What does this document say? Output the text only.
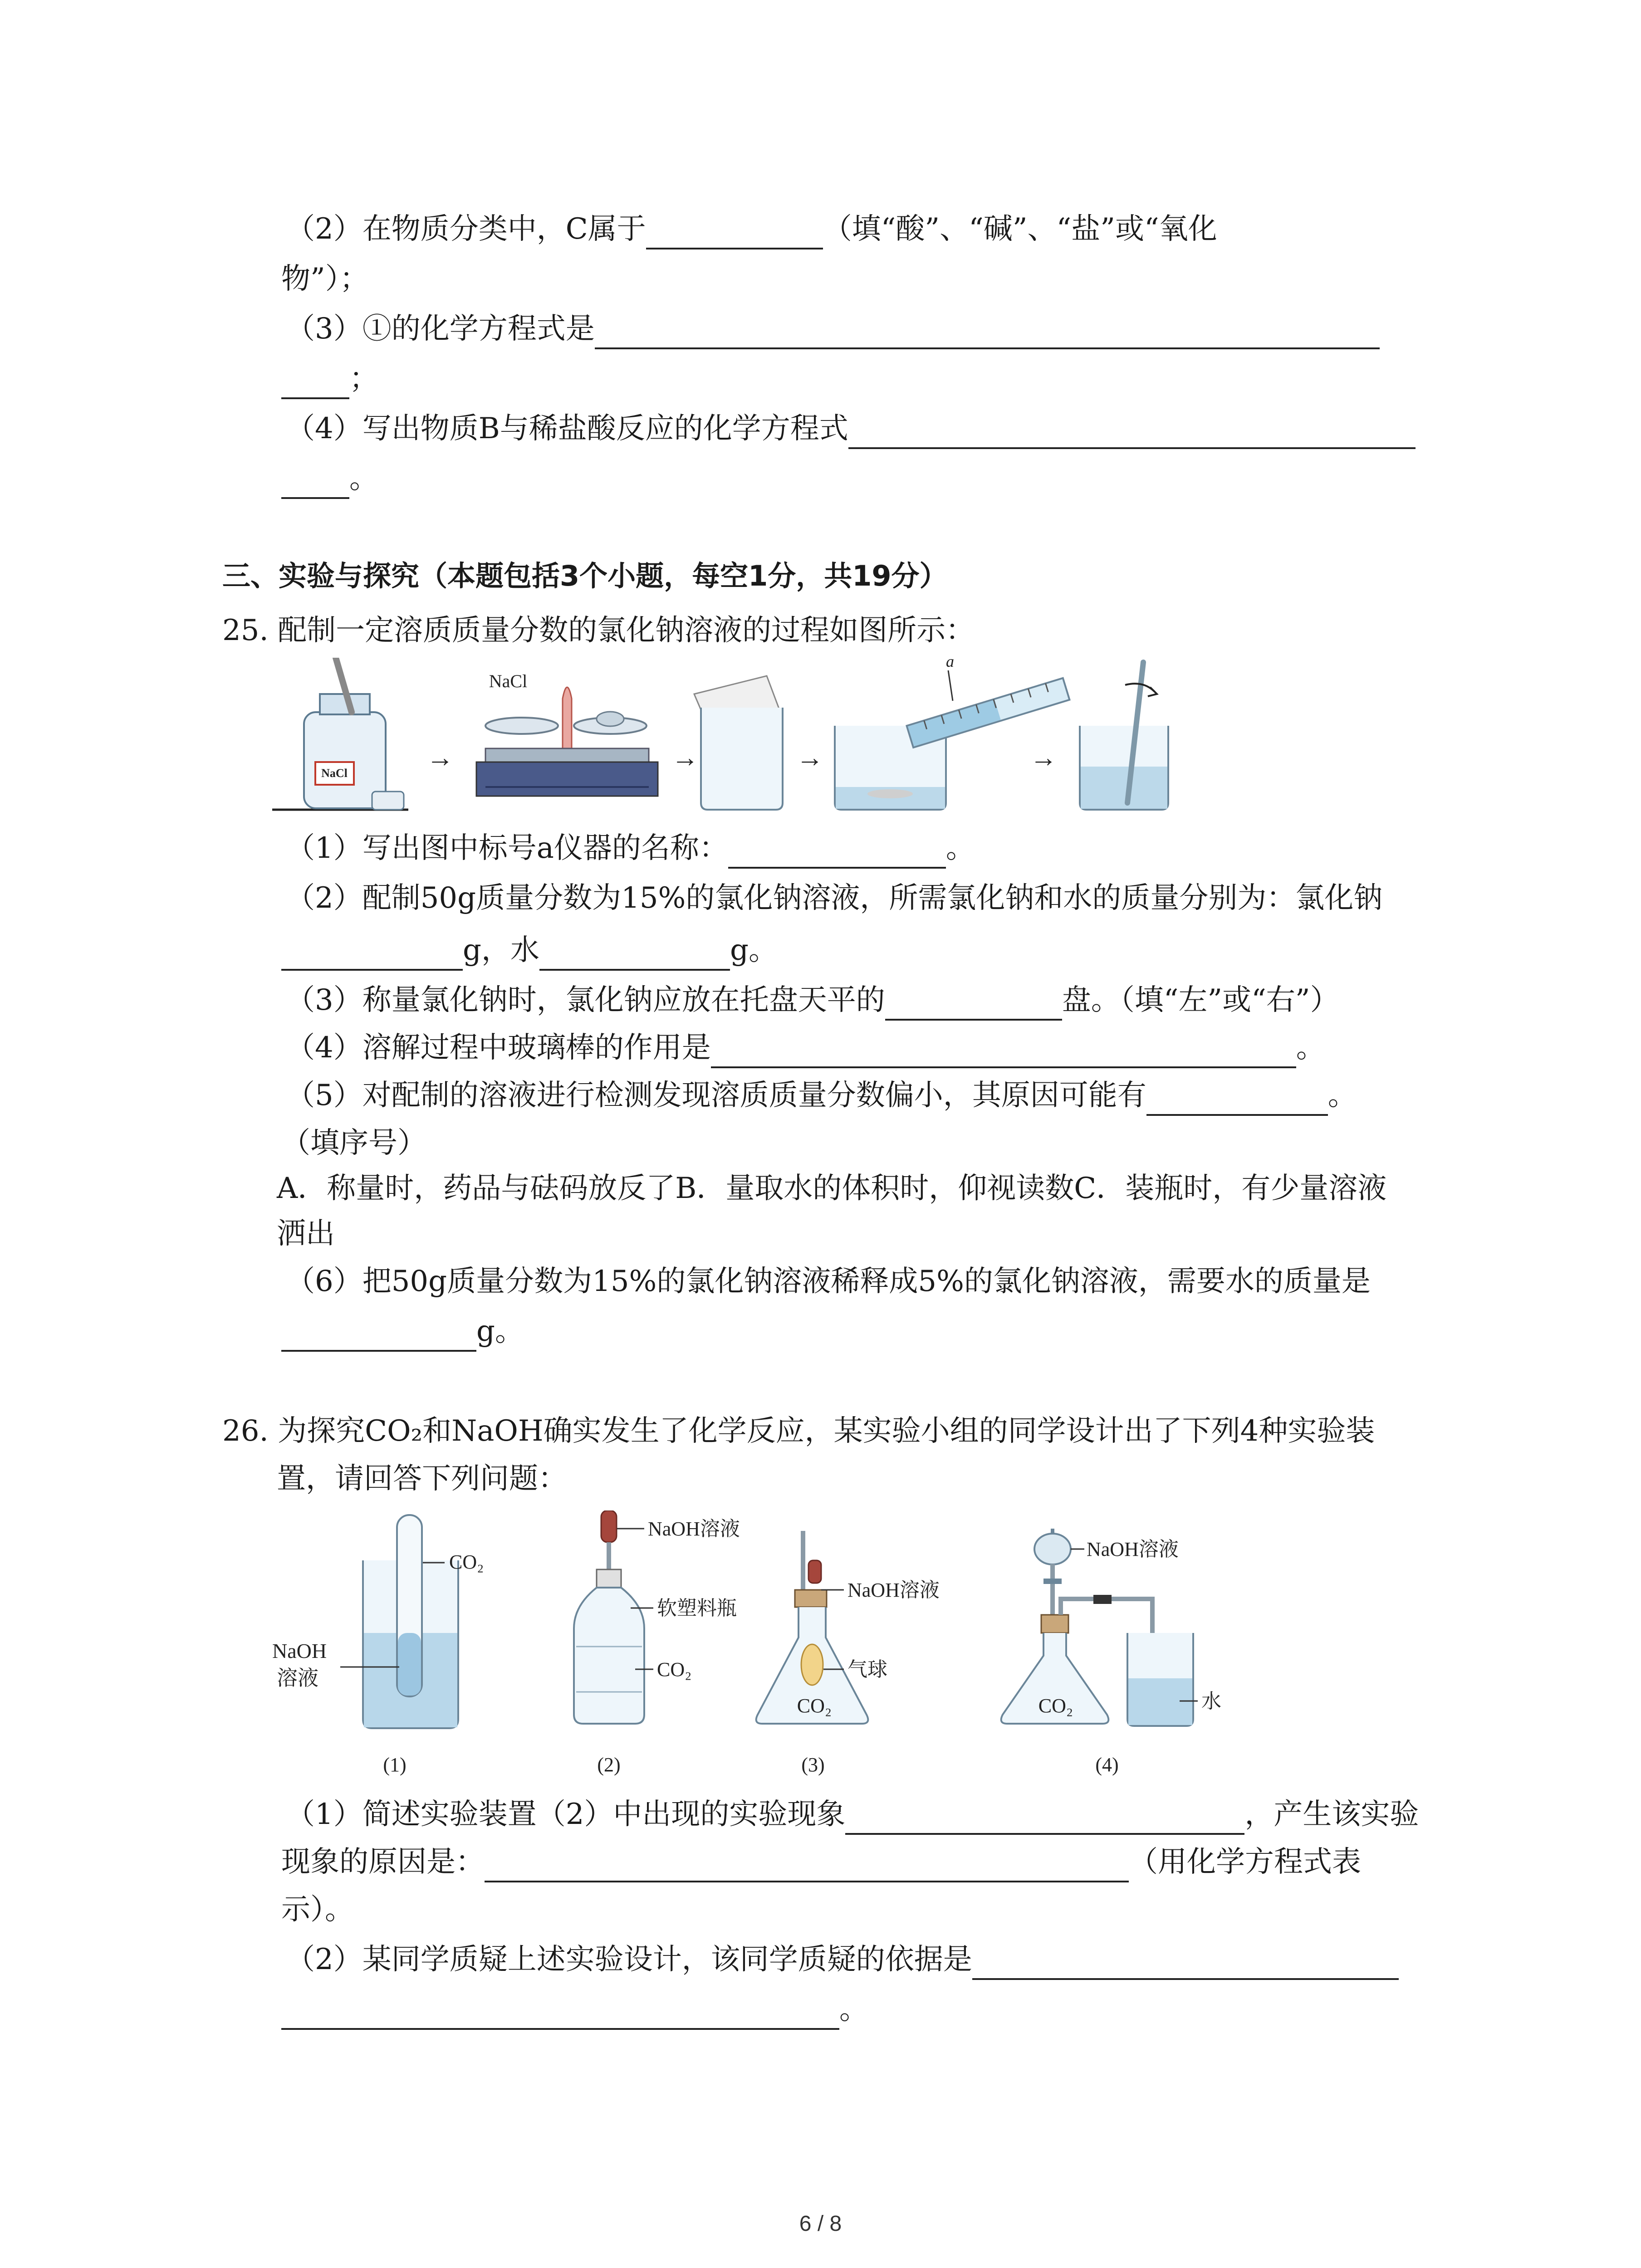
（2）在物质分类中，C属于	（填“酸”、“碱”、“盐”或“氧化
物”）；
（3）①的化学方程式是
；
（4）写出物质B与稀盐酸反应的化学方程式
。
三、实验与探究（本题包括3个小题，每空1分，共19分）
25. 配制一定溶质质量分数的氯化钠溶液的过程如图所示：
NaCl
→
NaCl
→	→
a
→
（1）写出图中标号a仪器的名称：	。
（2）配制50g质量分数为15%的氯化钠溶液，所需氯化钠和水的质量分别为：氯化钠
g，水	g。
（3）称量氯化钠时，氯化钠应放在托盘天平的	盘。（填“左”或“右”）
（4）溶解过程中玻璃棒的作用是	。
（5）对配制的溶液进行检测发现溶质质量分数偏小，其原因可能有	。
（填序号）
A．称量时，药品与砝码放反了B．量取水的体积时，仰视读数C．装瓶时，有少量溶液
洒出
（6）把50g质量分数为15%的氯化钠溶液稀释成5%的氯化钠溶液，需要水的质量是
g。
26. 为探究CO₂和NaOH确实发生了化学反应，某实验小组的同学设计出了下列4种实验装
置，请回答下列问题：
CO₂
NaOH
溶液
(1)
NaOH溶液
软塑料瓶
CO₂
(2)
NaOH溶液
气球
CO₂
(3)
NaOH溶液
水
CO₂
(4)
（1）简述实验装置（2）中出现的实验现象	，产生该实验
现象的原因是：	（用化学方程式表
示）。
（2）某同学质疑上述实验设计，该同学质疑的依据是
。
6 / 8
